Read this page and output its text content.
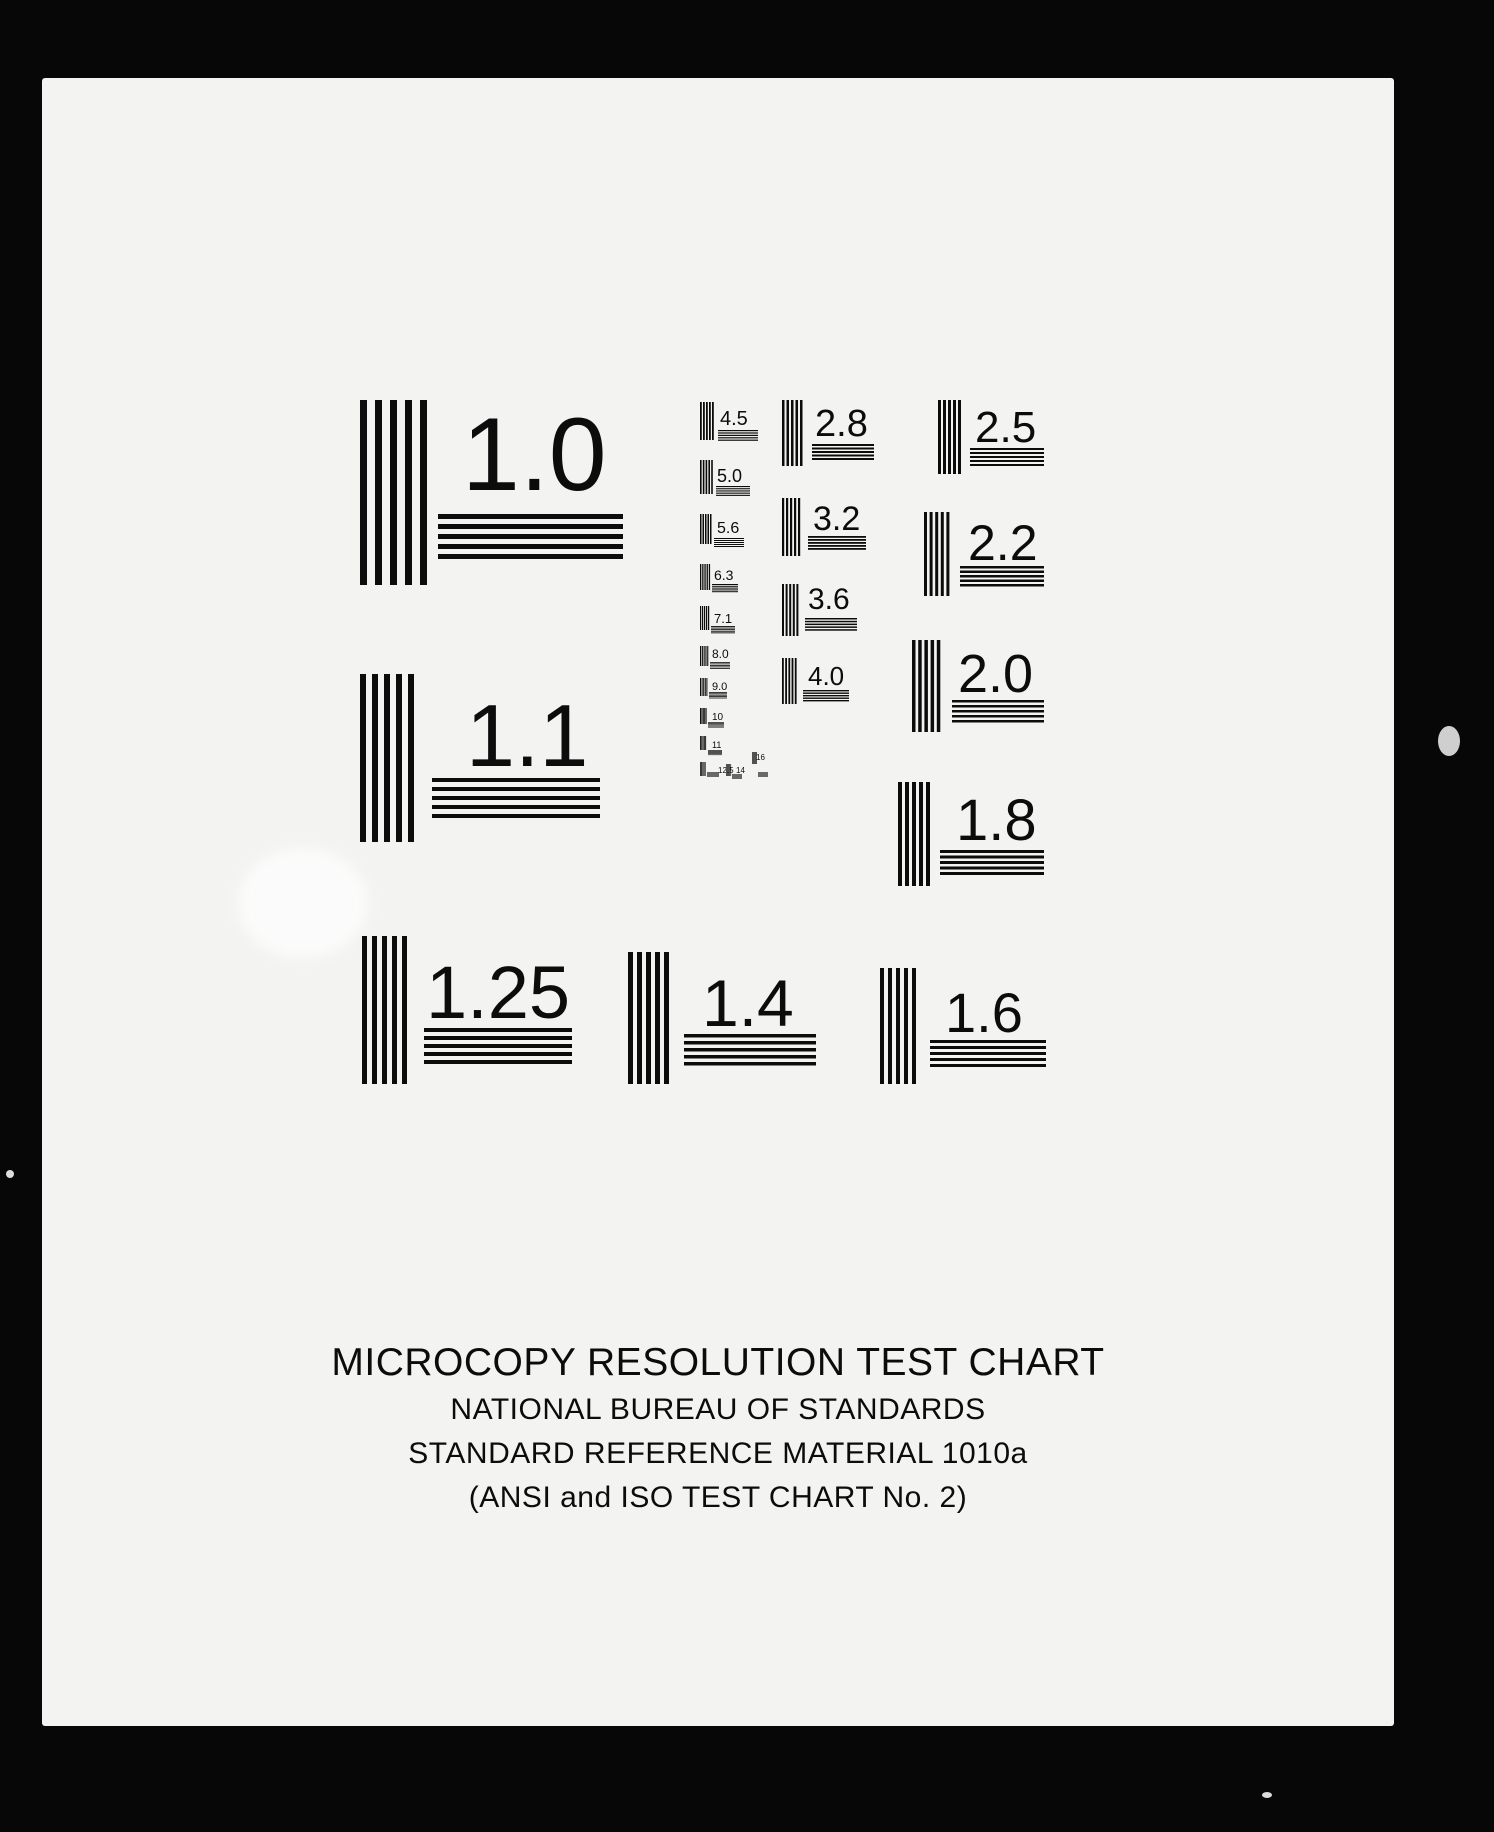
1.0
1.1
1.25 1.4	1.6
1.8
2.0
2.2
2.5
2.8
3.2
3.6
4.0
4.5
5.0
5.6
6.3
7.1
8.0
9.0
10
11
12.5 14
16
MICROCOPY RESOLUTION TEST CHART
NATIONAL BUREAU OF STANDARDS
STANDARD REFERENCE MATERIAL 1010a
(ANSI and ISO TEST CHART No. 2)
